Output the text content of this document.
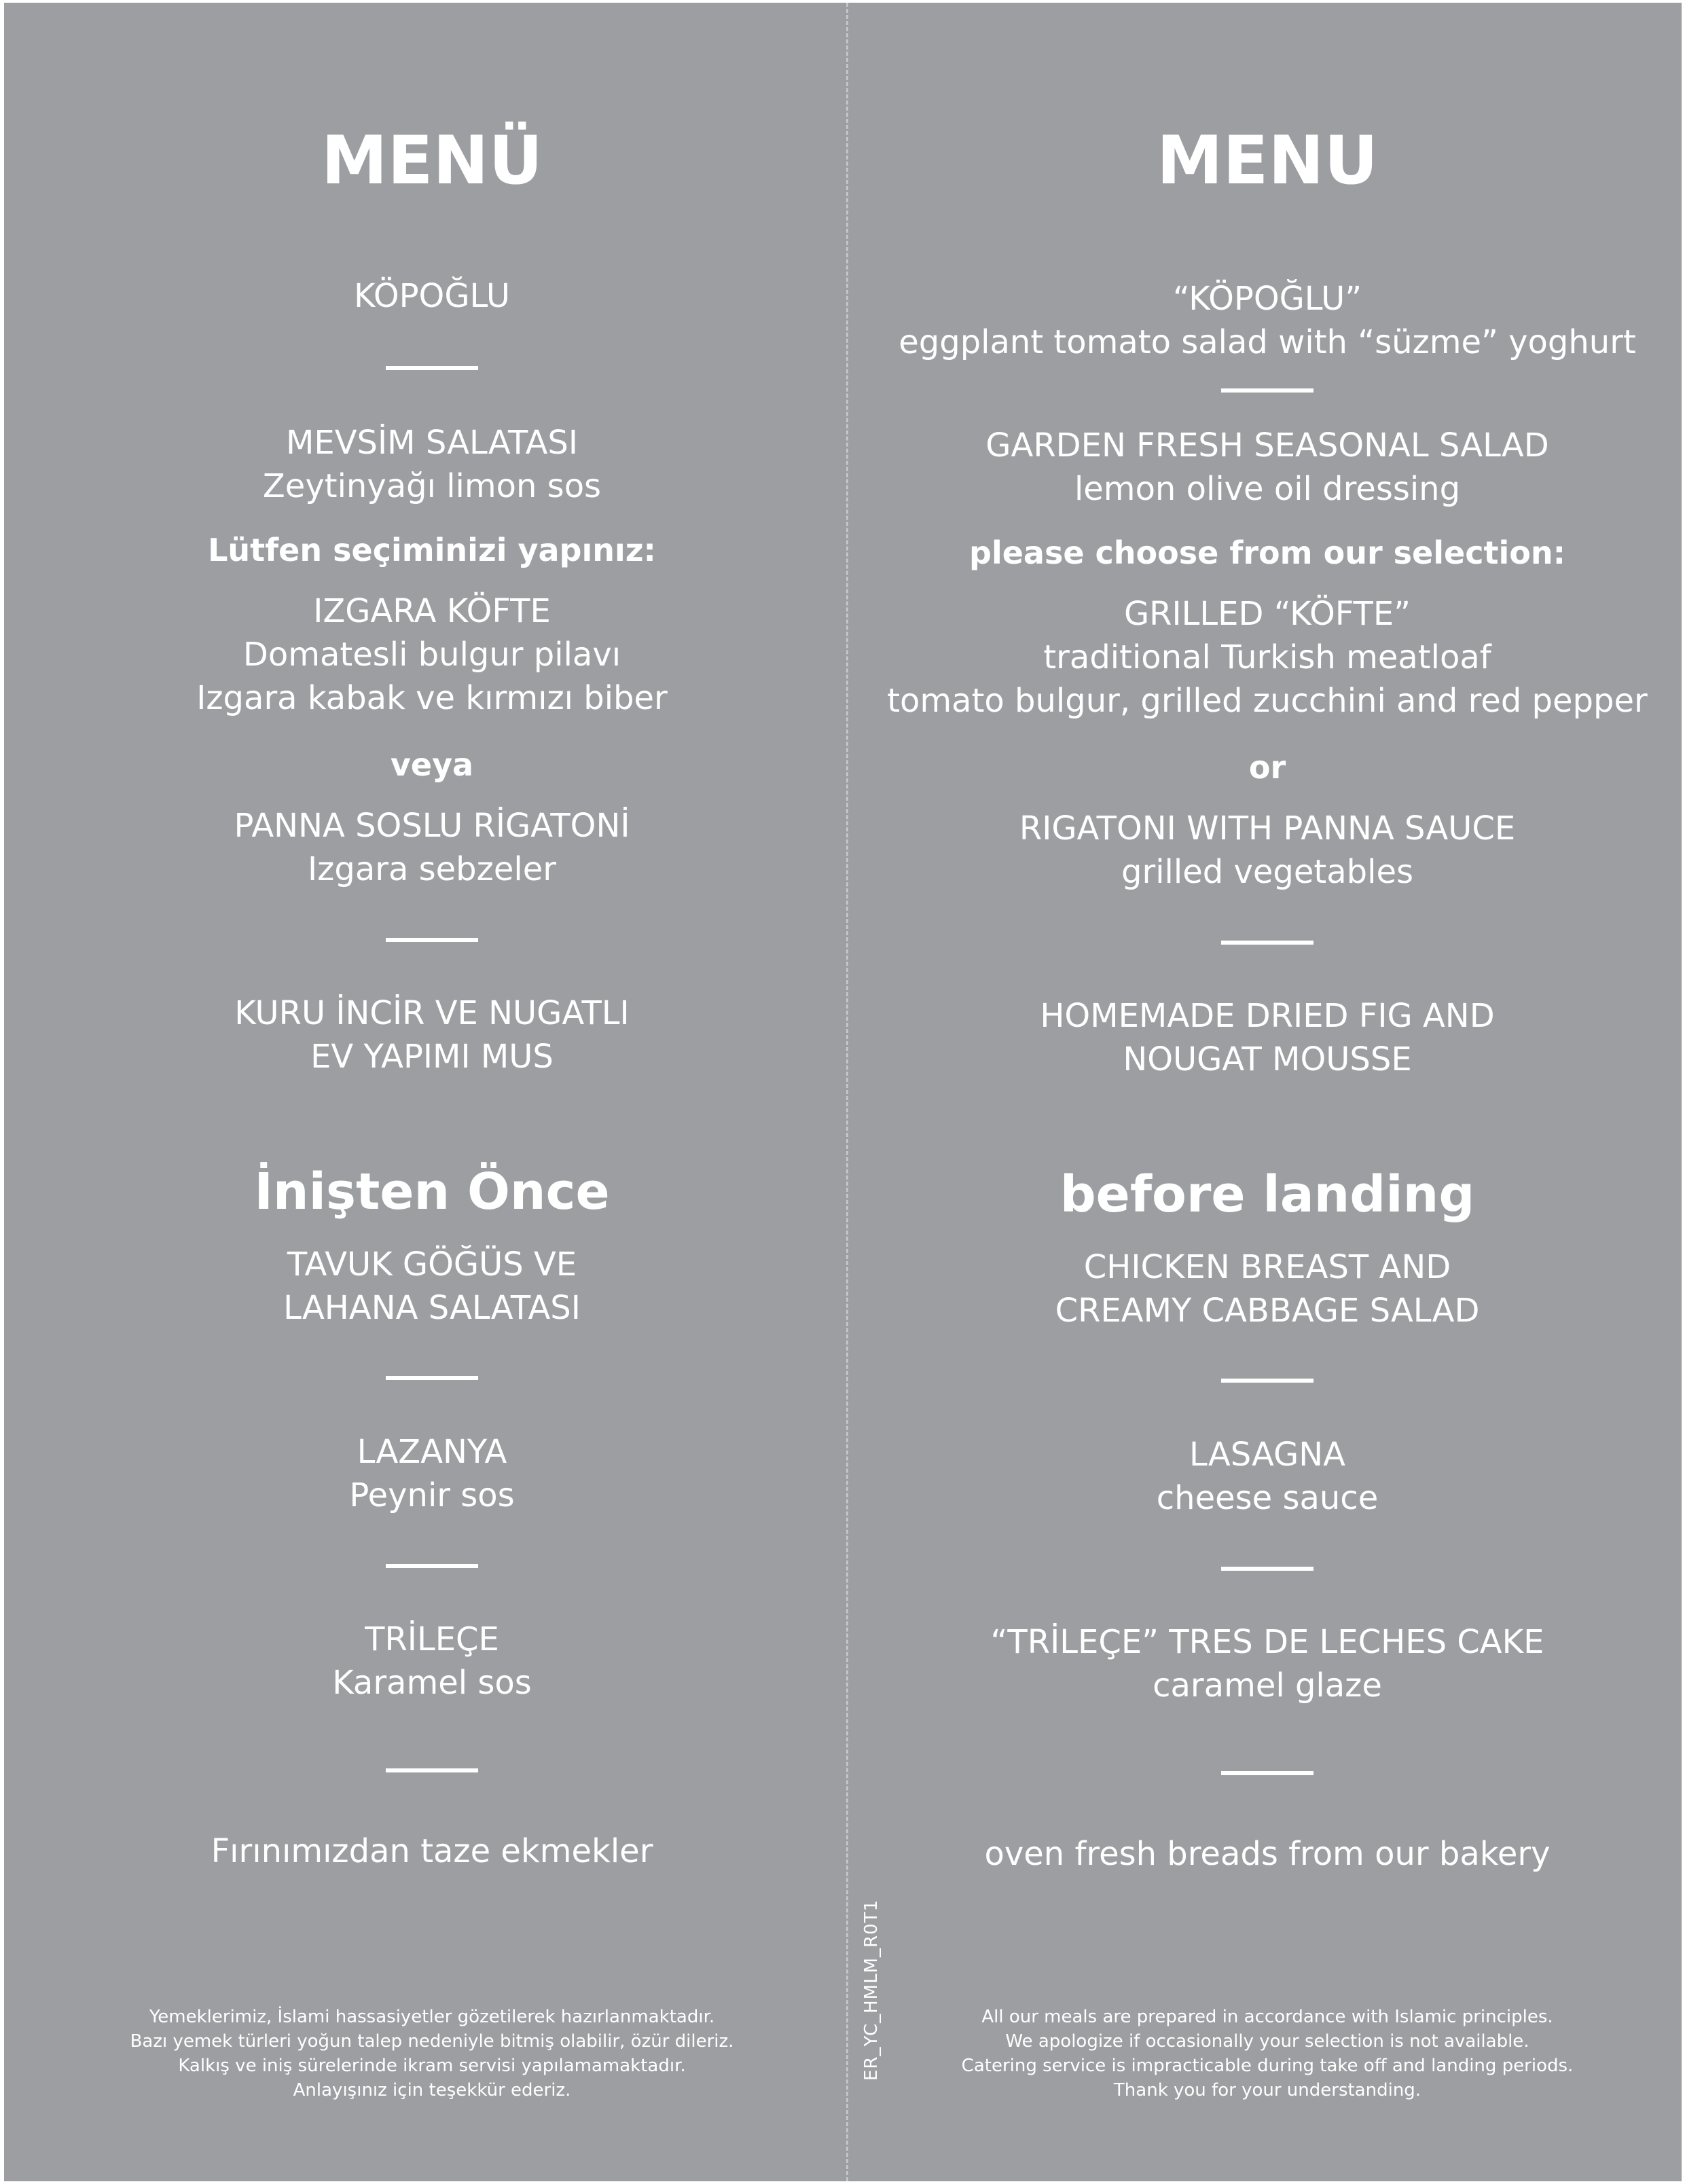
MENÜ
KÖPOĞLU
MEVSİM SALATASI
Zeytinyağı limon sos
Lütfen seçiminizi yapınız:
IZGARA KÖFTE
Domatesli bulgur pilavı
Izgara kabak ve kırmızı biber
veya
PANNA SOSLU RİGATONİ
Izgara sebzeler
KURU İNCİR VE NUGATLI
EV YAPIMI MUS
İnişten Önce
TAVUK GÖĞÜS VE
LAHANA SALATASI
LAZANYA
Peynir sos
TRİLEÇE
Karamel sos
Fırınımızdan taze ekmekler
Yemeklerimiz, İslami hassasiyetler gözetilerek hazırlanmaktadır.
Bazı yemek türleri yoğun talep nedeniyle bitmiş olabilir, özür dileriz.
Kalkış ve iniş sürelerinde ikram servisi yapılamamaktadır.
Anlayışınız için teşekkür ederiz.
ER_YC_HMLM_R0T1
MENU
“KÖPOĞLU”
eggplant tomato salad with “süzme” yoghurt
GARDEN FRESH SEASONAL SALAD
lemon olive oil dressing
please choose from our selection:
GRILLED “KÖFTE”
traditional Turkish meatloaf
tomato bulgur, grilled zucchini and red pepper
or
RIGATONI WITH PANNA SAUCE
grilled vegetables
HOMEMADE DRIED FIG AND
NOUGAT MOUSSE
before landing
CHICKEN BREAST AND
CREAMY CABBAGE SALAD
LASAGNA
cheese sauce
“TRİLEÇE” TRES DE LECHES CAKE
caramel glaze
oven fresh breads from our bakery
All our meals are prepared in accordance with Islamic principles.
We apologize if occasionally your selection is not available.
Catering service is impracticable during take off and landing periods.
Thank you for your understanding.
